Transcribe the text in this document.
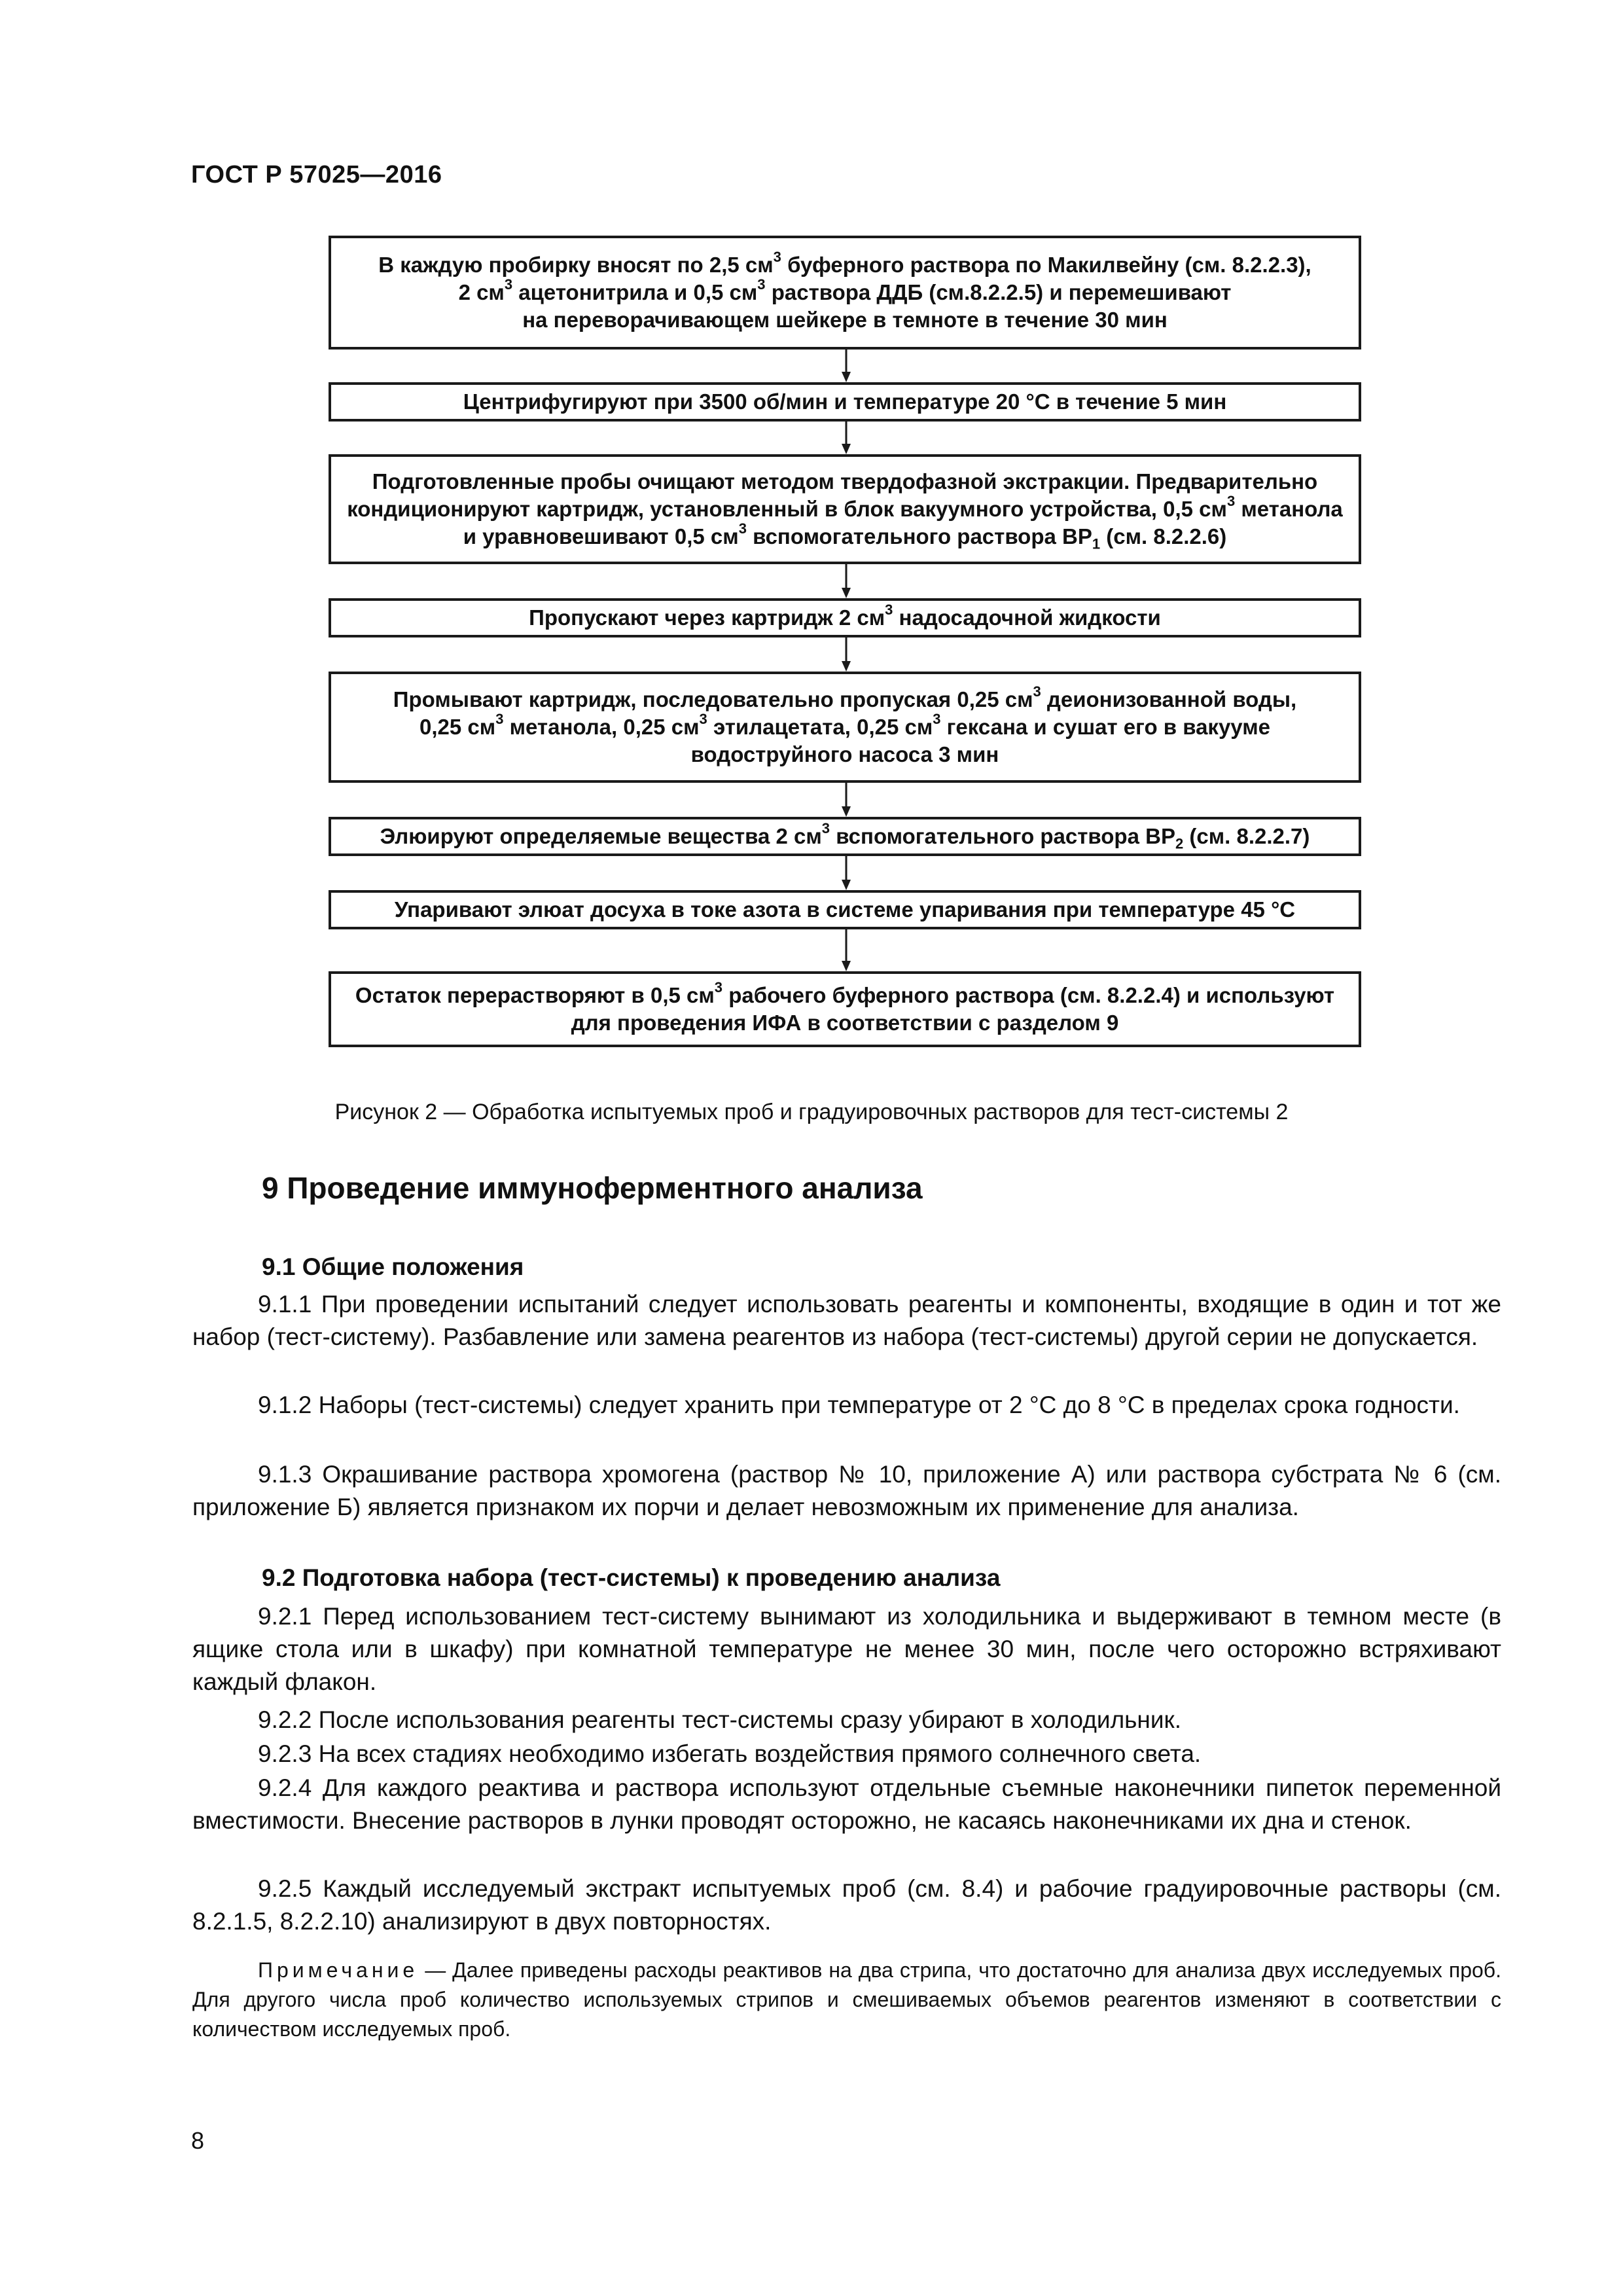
ГОСТ Р 57025—2016
В каждую пробирку вносят по 2,5 $см^3$ буферного раствора по Макилвейну (см. 8.2.2.3),
2 $см^3$ ацетонитрила и 0,5 $см^3$ раствора ДДБ (см.8.2.2.5) и перемешивают
на переворачивающем шейкере в темноте в течение 30 мин
Центрифугируют при 3500 об/мин и температуре 20 °С в течение 5 мин
Подготовленные пробы очищают методом твердофазной экстракции. Предварительно
кондиционируют картридж, установленный в блок вакуумного устройства, 0,5 $см^3$ метанола
и уравновешивают 0,5 $см^3$ вспомогательного раствора $ВР_1$ (см. 8.2.2.6)
Пропускают через картридж 2 $см^3$ надосадочной жидкости
Промывают картридж, последовательно пропуская 0,25 $см^3$ деионизованной воды,
0,25 $см^3$ метанола, 0,25 $см^3$ этилацетата, 0,25 $см^3$ гексана и сушат его в вакууме
водоструйного насоса 3 мин
Элюируют определяемые вещества 2 $см^3$ вспомогательного раствора $ВР_2$ (см. 8.2.2.7)
Упаривают элюат досуха в токе азота в системе упаривания при температуре 45 °С
Остаток перерастворяют в 0,5 $см^3$ рабочего буферного раствора (см. 8.2.2.4) и используют
для проведения ИФА в соответствии с разделом 9
Рисунок 2 — Обработка испытуемых проб и градуировочных растворов для тест-системы 2
9 Проведение иммуноферментного анализа
9.1 Общие положения
9.1.1 При проведении испытаний следует использовать реагенты и компоненты, входящие в один и тот же набор (тест-систему). Разбавление или замена реагентов из набора (тест-системы) другой серии не допускается.
9.1.2 Наборы (тест-системы) следует хранить при температуре от 2 °С до 8 °С в пределах срока годности.
9.1.3 Окрашивание раствора хромогена (раствор № 10, приложение А) или раствора субстрата № 6 (см. приложение Б) является признаком их порчи и делает невозможным их применение для анализа.
9.2 Подготовка набора (тест-системы) к проведению анализа
9.2.1 Перед использованием тест-систему вынимают из холодильника и выдерживают в темном месте (в ящике стола или в шкафу) при комнатной температуре не менее 30 мин, после чего осторожно встряхивают каждый флакон.
9.2.2 После использования реагенты тест-системы сразу убирают в холодильник.
9.2.3 На всех стадиях необходимо избегать воздействия прямого солнечного света.
9.2.4 Для каждого реактива и раствора используют отдельные съемные наконечники пипеток переменной вместимости. Внесение растворов в лунки проводят осторожно, не касаясь наконечниками их дна и стенок.
9.2.5 Каждый исследуемый экстракт испытуемых проб (см. 8.4) и рабочие градуировочные растворы (см. 8.2.1.5, 8.2.2.10) анализируют в двух повторностях.
Примечание — Далее приведены расходы реактивов на два стрипа, что достаточно для анализа двух исследуемых проб. Для другого числа проб количество используемых стрипов и смешиваемых объемов реагентов изменяют в соответствии с количеством исследуемых проб.
8
